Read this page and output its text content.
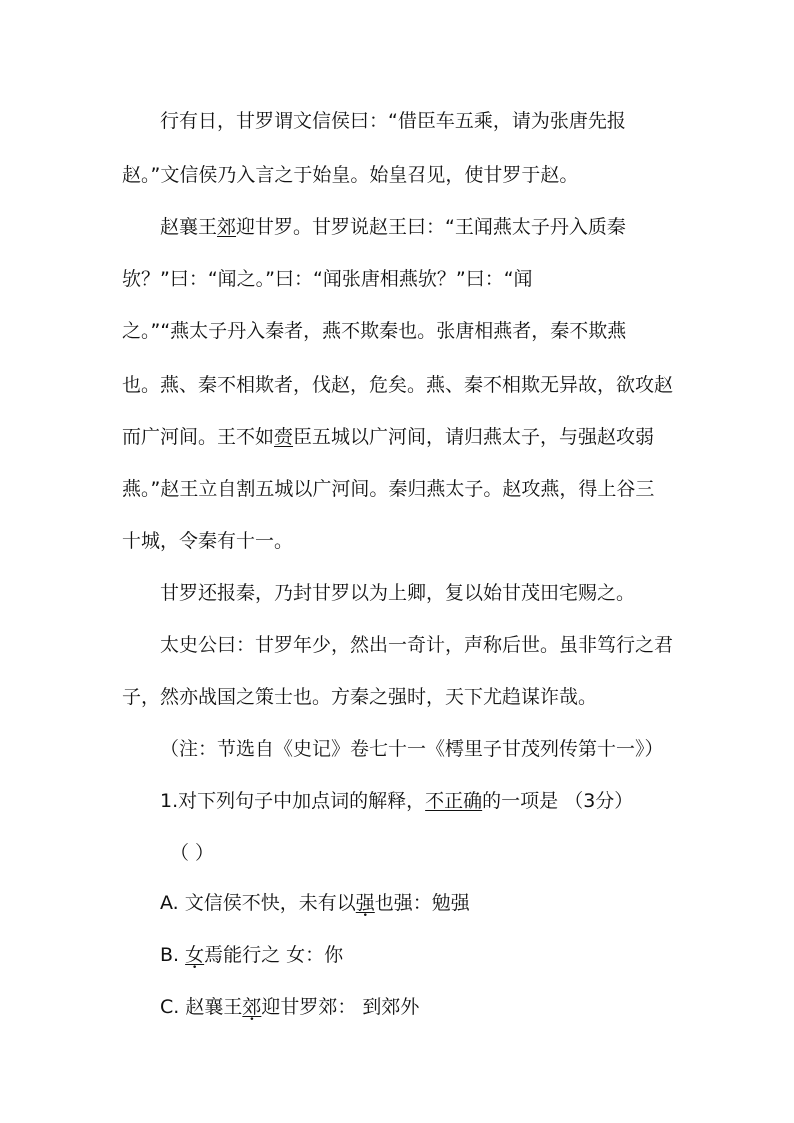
行有日，甘罗谓文信侯曰：“借臣车五乘，请为张唐先报
赵。”文信侯乃入言之于始皇。始皇召见，使甘罗于赵。
赵襄王郊迎甘罗。甘罗说赵王曰：“王闻燕太子丹入质秦
欤？”曰：“闻之。”曰：“闻张唐相燕欤？”曰：“闻
之。”“燕太子丹入秦者，燕不欺秦也。张唐相燕者，秦不欺燕
也。燕、秦不相欺者，伐赵，危矣。燕、秦不相欺无异故，欲攻赵
而广河间。王不如赍臣五城以广河间，请归燕太子，与强赵攻弱
燕。”赵王立自割五城以广河间。秦归燕太子。赵攻燕，得上谷三
十城，令秦有十一。
甘罗还报秦，乃封甘罗以为上卿，复以始甘茂田宅赐之。
太史公曰：甘罗年少，然出一奇计，声称后世。虽非笃行之君
子，然亦战国之策士也。方秦之强时，天下尤趋谋诈哉。
（注：节选自《史记》卷七十一《樗里子甘茂列传第十一》）
1.对下列句子中加点词的解释，不正确的一项是 （3分）
（ ）
A. 文信侯不快，未有以强也强：勉强
B. 女焉能行之 女：你
C. 赵襄王郊迎甘罗郊： 到郊外
